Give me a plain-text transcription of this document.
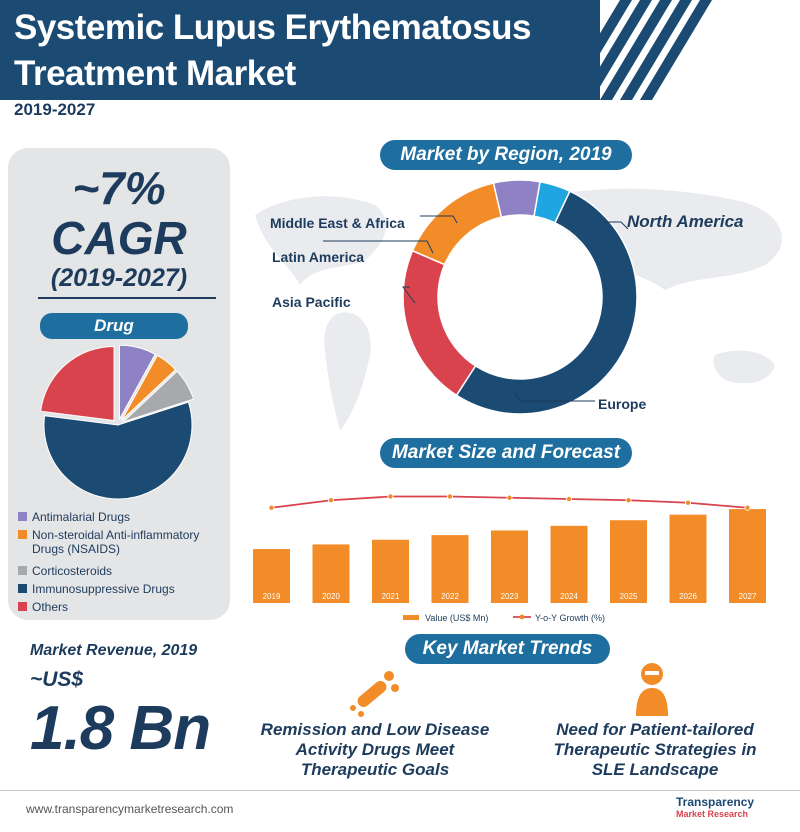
Systemic Lupus Erythematosus
Treatment Market
2019-2027
~7%
CAGR
(2019-2027)
Drug
Antimalarial Drugs
Non-steroidal Anti-inflammatory
Drugs (NSAIDS)
Corticosteroids
Immunosuppressive Drugs
Others
Market Revenue, 2019
~US$
1.8 Bn
Market by Region, 2019
Middle East & Africa
Latin America
Asia Pacific
North America
Europe
Market Size and Forecast
2019	2020	2021	2022	2023	2024	2025	2026	2027
Value (US$ Mn)	Y-o-Y Growth (%)
Key Market Trends
Remission and Low Disease
Activity Drugs Meet
Therapeutic Goals
Need for Patient-tailored
Therapeutic Strategies in
SLE Landscape
www.transparencymarketresearch.com	Transparency
Market Research
